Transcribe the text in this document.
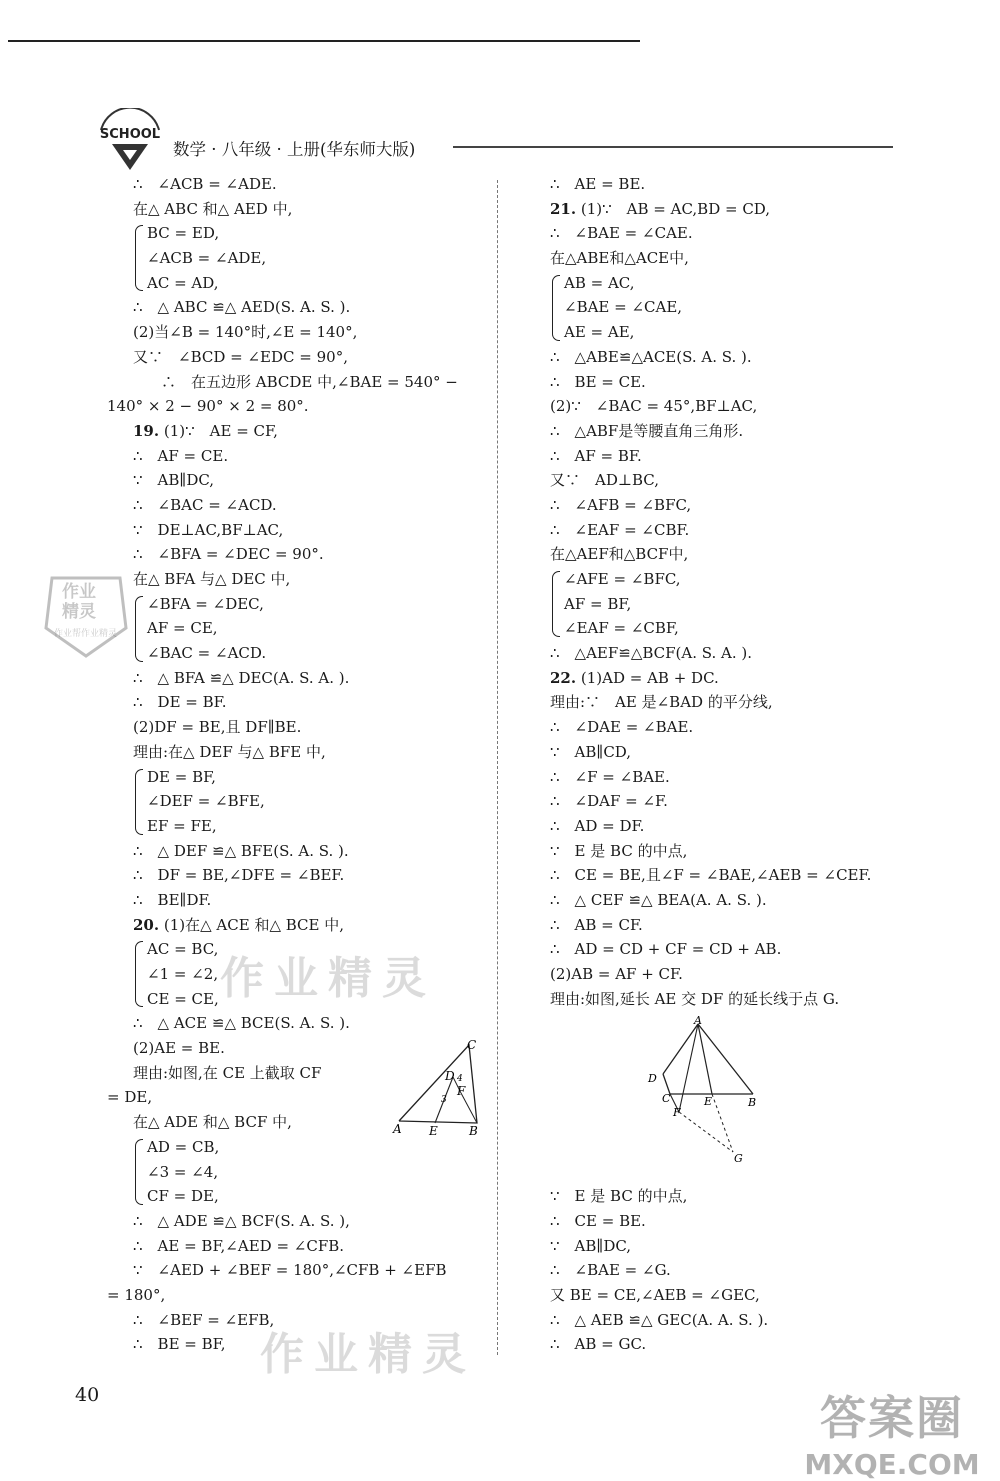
SCHOOL
数学 · 八年级 · 上册(华东师大版)
∴　∠ACB = ∠ADE.
在△ ABC 和△ AED 中,
BC = ED,
∠ACB = ∠ADE,
AC = AD,
∴　△ ABC ≌△ AED(S. A. S. ).
(2)当∠B = 140°时,∠E = 140°,
又∵　∠BCD = ∠EDC = 90°,
∴　在五边形 ABCDE 中,∠BAE = 540° −
140° × 2 − 90° × 2 = 80°.
19. (1)∵　AE = CF,
∴　AF = CE.
∵　AB∥DC,
∴　∠BAC = ∠ACD.
∵　DE⊥AC,BF⊥AC,
∴　∠BFA = ∠DEC = 90°.
在△ BFA 与△ DEC 中,
∠BFA = ∠DEC,
AF = CE,
∠BAC = ∠ACD.
∴　△ BFA ≌△ DEC(A. S. A. ).
∴　DE = BF.
(2)DF = BE,且 DF∥BE.
理由:在△ DEF 与△ BFE 中,
DE = BF,
∠DEF = ∠BFE,
EF = FE,
∴　△ DEF ≌△ BFE(S. A. S. ).
∴　DF = BE,∠DFE = ∠BEF.
∴　BE∥DF.
20. (1)在△ ACE 和△ BCE 中,
AC = BC,
∠1 = ∠2,
CE = CE,
∴　△ ACE ≌△ BCE(S. A. S. ).
(2)AE = BE.
理由:如图,在 CE 上截取 CF
= DE,
在△ ADE 和△ BCF 中,
AD = CB,
∠3 = ∠4,
CF = DE,
∴　△ ADE ≌△ BCF(S. A. S. ),
∴　AE = BF,∠AED = ∠CFB.
∵　∠AED + ∠BEF = 180°,∠CFB + ∠EFB
= 180°,
∴　∠BEF = ∠EFB,
∴　BE = BF,
∴　AE = BE.
21. (1)∵　AB = AC,BD = CD,
∴　∠BAE = ∠CAE.
在△ABE和△ACE中,
AB = AC,
∠BAE = ∠CAE,
AE = AE,
∴　△ABE≌△ACE(S. A. S. ).
∴　BE = CE.
(2)∵　∠BAC = 45°,BF⊥AC,
∴　△ABF是等腰直角三角形.
∴　AF = BF.
又∵　AD⊥BC,
∴　∠AFB = ∠BFC,
∴　∠EAF = ∠CBF.
在△AEF和△BCF中,
∠AFE = ∠BFC,
AF = BF,
∠EAF = ∠CBF,
∴　△AEF≌△BCF(A. S. A. ).
22. (1)AD = AB + DC.
理由:∵　AE 是∠BAD 的平分线,
∴　∠DAE = ∠BAE.
∵　AB∥CD,
∴　∠F = ∠BAE.
∴　∠DAF = ∠F.
∴　AD = DF.
∵　E 是 BC 的中点,
∴　CE = BE,且∠F = ∠BAE,∠AEB = ∠CEF.
∴　△ CEF ≌△ BEA(A. A. S. ).
∴　AB = CF.
∴　AD = CD + CF = CD + AB.
(2)AB = AF + CF.
理由:如图,延长 AE 交 DF 的延长线于点 G.
∵　E 是 BC 的中点,
∴　CE = BE.
∵　AB∥DC,
∴　∠BAE = ∠G.
又 BE = CE,∠AEB = ∠GEC,
∴　△ AEB ≌△ GEC(A. A. S. ).
∴　AB = GC.
C
D 4
F
3
A E	B
A
D
C	E	B
F
G
作业
精灵
作业帮作业精灵
作业精灵
作业精灵
答案圈
MXQE.COM
40
